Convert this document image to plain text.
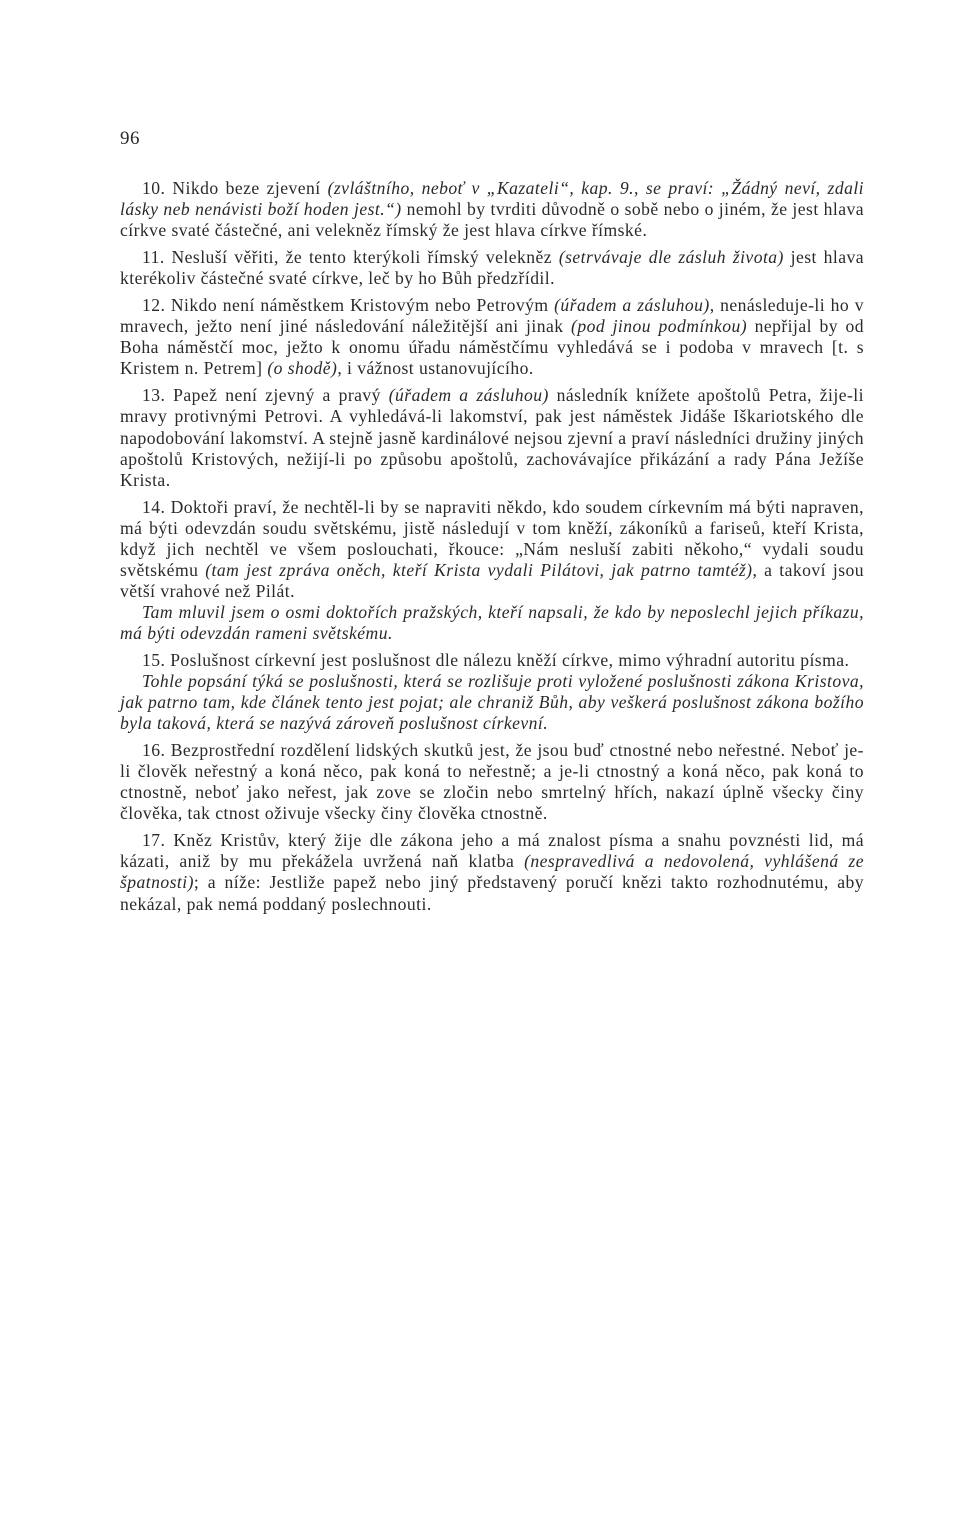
96

10. Nikdo beze zjevení (zvláštního, neboť v „Kazateli“, kap. 9., se praví: „Žádný neví, zdali lásky neb nenávisti boží hoden jest.“) nemohl by tvrditi důvodně o sobě nebo o jiném, že jest hlava církve svaté částečné, ani velekněz římský že jest hlava církve římské.

11. Nesluší věřiti, že tento kterýkoli římský velekněz (setrvávaje dle zásluh života) jest hlava kterékoliv částečné svaté církve, leč by ho Bůh předzřídil.

12. Nikdo není náměstkem Kristovým nebo Petrovým (úřadem a zásluhou), nenásleduje-li ho v mravech, ježto není jiné následování náležitější ani jinak (pod jinou podmínkou) nepřijal by od Boha náměstčí moc, ježto k onomu úřadu náměstčímu vyhledává se i podoba v mravech [t. s Kristem n. Petrem] (o shodě), i vážnost ustanovujícího.

13. Papež není zjevný a pravý (úřadem a zásluhou) následník knížete apoštolů Petra, žije-li mravy protivnými Petrovi. A vyhledává-li lakomství, pak jest náměstek Jidáše Iškariotského dle napodobování lakomství. A stejně jasně kardinálové nejsou zjevní a praví následníci družiny jiných apoštolů Kristových, nežijí-li po způsobu apoštolů, zachovávajíce přikázání a rady Pána Ježíše Krista.

14. Doktoři praví, že nechtěl-li by se napraviti někdo, kdo soudem církevním má býti napraven, má býti odevzdán soudu světskému, jistě následují v tom kněží, zákoníků a fariseů, kteří Krista, když jich nechtěl ve všem poslouchati, řkouce: „Nám nesluší zabiti někoho,“ vydali soudu světskému (tam jest zpráva oněch, kteří Krista vydali Pilátovi, jak patrno tamtéž), a takoví jsou větší vrahové než Pilát.

Tam mluvil jsem o osmi doktořích pražských, kteří napsali, že kdo by neposlechl jejich příkazu, má býti odevzdán rameni světskému.

15. Poslušnost církevní jest poslušnost dle nálezu kněží církve, mimo výhradní autoritu písma.

Tohle popsání týká se poslušnosti, která se rozlišuje proti vyložené poslušnosti zákona Kristova, jak patrno tam, kde článek tento jest pojat; ale chraniž Bůh, aby veškerá poslušnost zákona božího byla taková, která se nazývá zároveň poslušnost církevní.

16. Bezprostřední rozdělení lidských skutků jest, že jsou buď ctnostné nebo neřestné. Neboť je-li člověk neřestný a koná něco, pak koná to neřestně; a je-li ctnostný a koná něco, pak koná to ctnostně, neboť jako neřest, jak zove se zločin nebo smrtelný hřích, nakazí úplně všecky činy člověka, tak ctnost oživuje všecky činy člověka ctnostně.

17. Kněz Kristův, který žije dle zákona jeho a má znalost písma a snahu povznésti lid, má kázati, aniž by mu překážela uvržená naň klatba (nespravedlivá a nedovolená, vyhlášená ze špatnosti); a níže: Jestliže papež nebo jiný představený poručí knězi takto rozhodnutému, aby nekázal, pak nemá poddaný poslechnouti.
